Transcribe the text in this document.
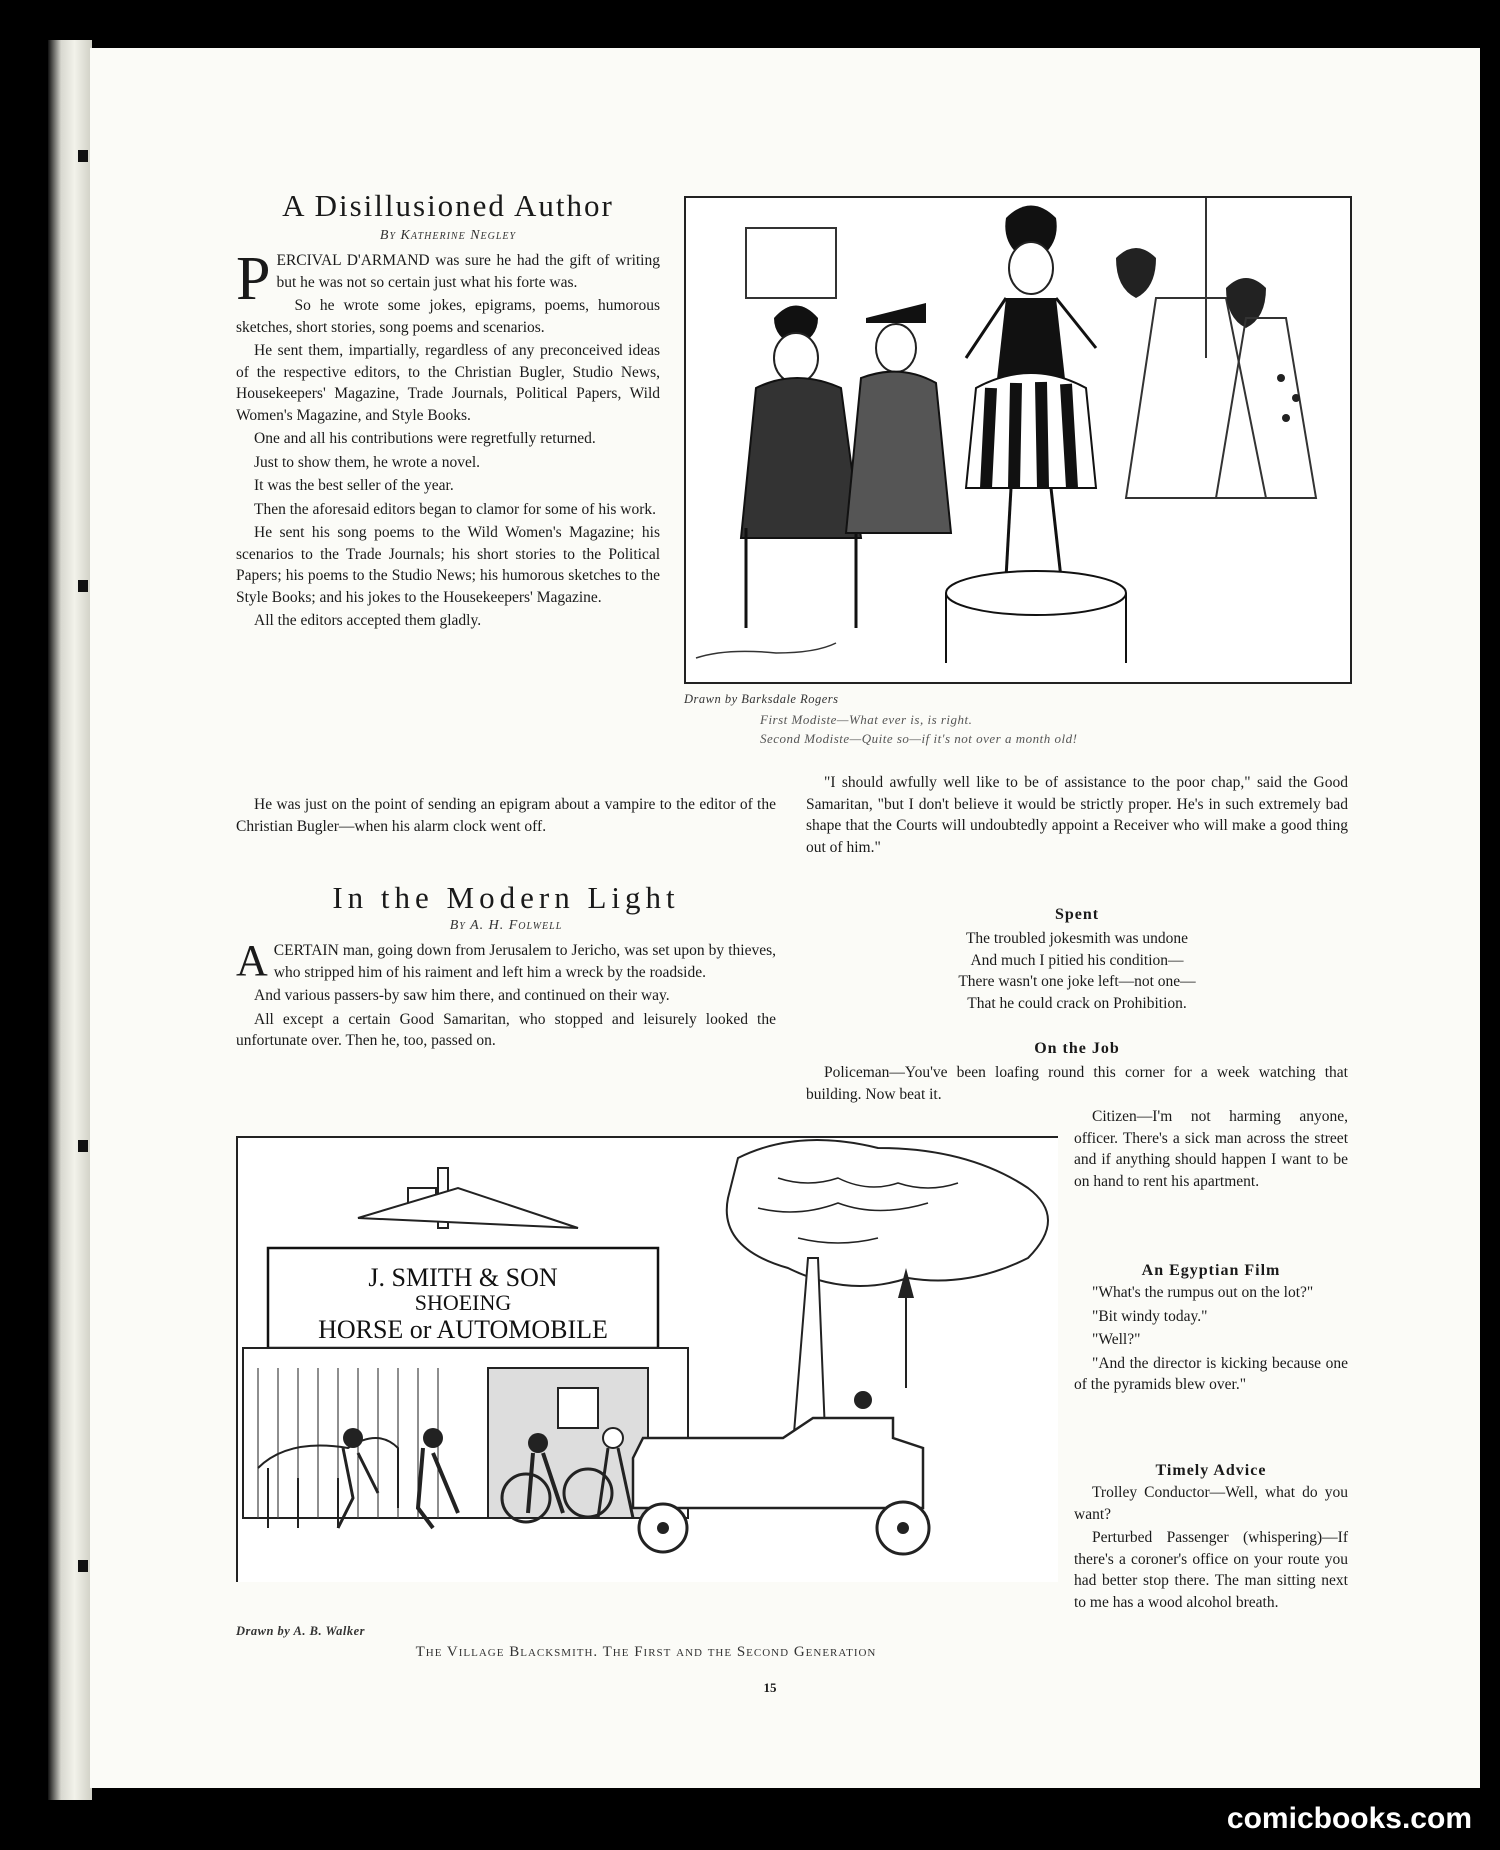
A Disillusioned Author
By Katherine Negley

PERCIVAL D'ARMAND was sure he had the gift of writing but he was not so certain just what his forte was.

So he wrote some jokes, epigrams, poems, humorous sketches, short stories, song poems and scenarios.

He sent them, impartially, regardless of any preconceived ideas of the respective editors, to the Christian Bugler, Studio News, Housekeepers' Magazine, Trade Journals, Political Papers, Wild Women's Magazine, and Style Books.

One and all his contributions were regretfully returned.

Just to show them, he wrote a novel.

It was the best seller of the year.

Then the aforesaid editors began to clamor for some of his work.

He sent his song poems to the Wild Women's Magazine; his scenarios to the Trade Journals; his short stories to the Political Papers; his poems to the Studio News; his humorous sketches to the Style Books; and his jokes to the Housekeepers' Magazine.

All the editors accepted them gladly.

He was just on the point of sending an epigram about a vampire to the editor of the Christian Bugler—when his alarm clock went off.

Drawn by Barksdale Rogers
First Modiste—What ever is, is right.
Second Modiste—Quite so—if it's not over a month old!

"I should awfully well like to be of assistance to the poor chap," said the Good Samaritan, "but I don't believe it would be strictly proper. He's in such extremely bad shape that the Courts will undoubtedly appoint a Receiver who will make a good thing out of him."

In the Modern Light
By A. H. Folwell

ACERTAIN man, going down from Jerusalem to Jericho, was set upon by thieves, who stripped him of his raiment and left him a wreck by the roadside.

And various passers-by saw him there, and continued on their way.

All except a certain Good Samaritan, who stopped and leisurely looked the unfortunate over. Then he, too, passed on.

Spent
The troubled jokesmith was undone
And much I pitied his condition—
There wasn't one joke left—not one—
That he could crack on Prohibition.
On the Job

Policeman—You've been loafing round this corner for a week watching that building. Now beat it.

Citizen—I'm not harming anyone, officer. There's a sick man across the street and if anything should happen I want to be on hand to rent his apartment.

An Egyptian Film

"What's the rumpus out on the lot?"

"Bit windy today."

"Well?"

"And the director is kicking because one of the pyramids blew over."

Timely Advice

Trolley Conductor—Well, what do you want?

Perturbed Passenger (whispering)—If there's a coroner's office on your route you had better stop there. The man sitting next to me has a wood alcohol breath.

J. SMITH & SON
SHOEING
HORSE or AUTOMOBILE
Drawn by A. B. Walker
The Village Blacksmith. The First and the Second Generation
15
comicbooks.com
